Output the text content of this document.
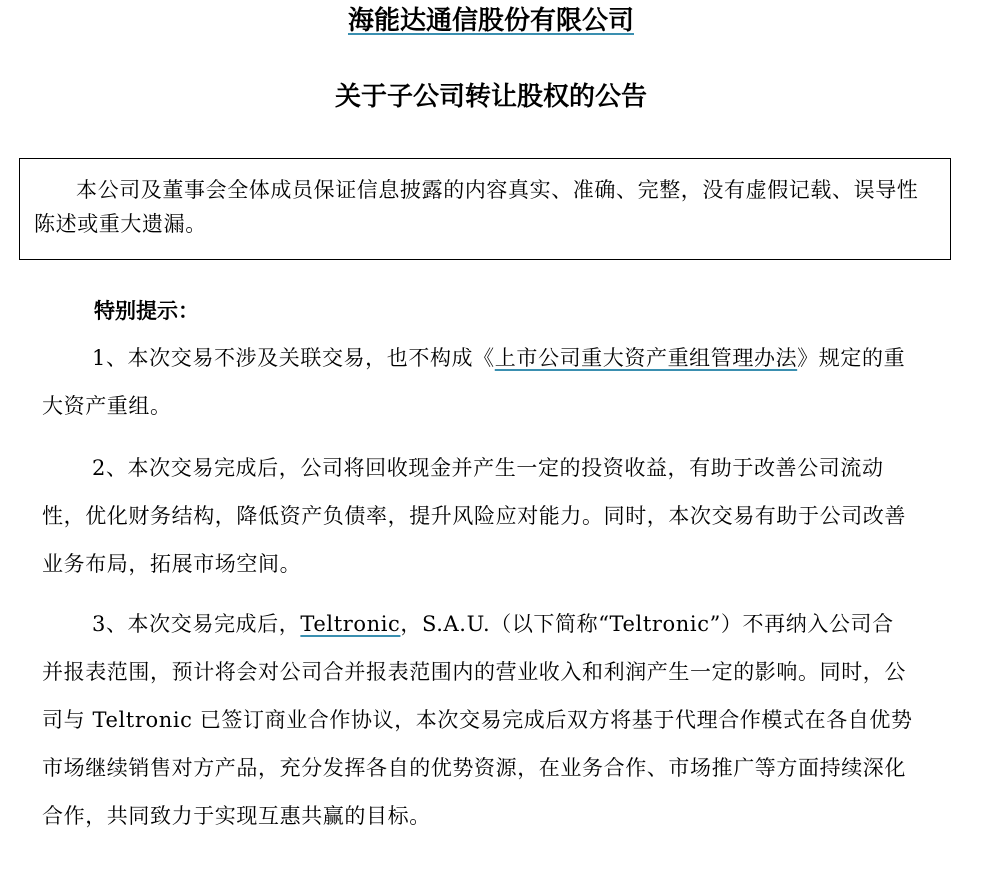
海能达通信股份有限公司
关于子公司转让股权的公告

本公司及董事会全体成员保证信息披露的内容真实、准确、完整，没有虚假记载、误导性陈述或重大遗漏。

特别提示：

1、本次交易不涉及关联交易，也不构成《上市公司重大资产重组管理办法》规定的重大资产重组。

2、本次交易完成后，公司将回收现金并产生一定的投资收益，有助于改善公司流动性，优化财务结构，降低资产负债率，提升风险应对能力。同时，本次交易有助于公司改善业务布局，拓展市场空间。

3、本次交易完成后，Teltronic，S.A.U.（以下简称“Teltronic”）不再纳入公司合并报表范围，预计将会对公司合并报表范围内的营业收入和利润产生一定的影响。同时，公司与 Teltronic 已签订商业合作协议，本次交易完成后双方将基于代理合作模式在各自优势市场继续销售对方产品，充分发挥各自的优势资源，在业务合作、市场推广等方面持续深化合作，共同致力于实现互惠共赢的目标。
